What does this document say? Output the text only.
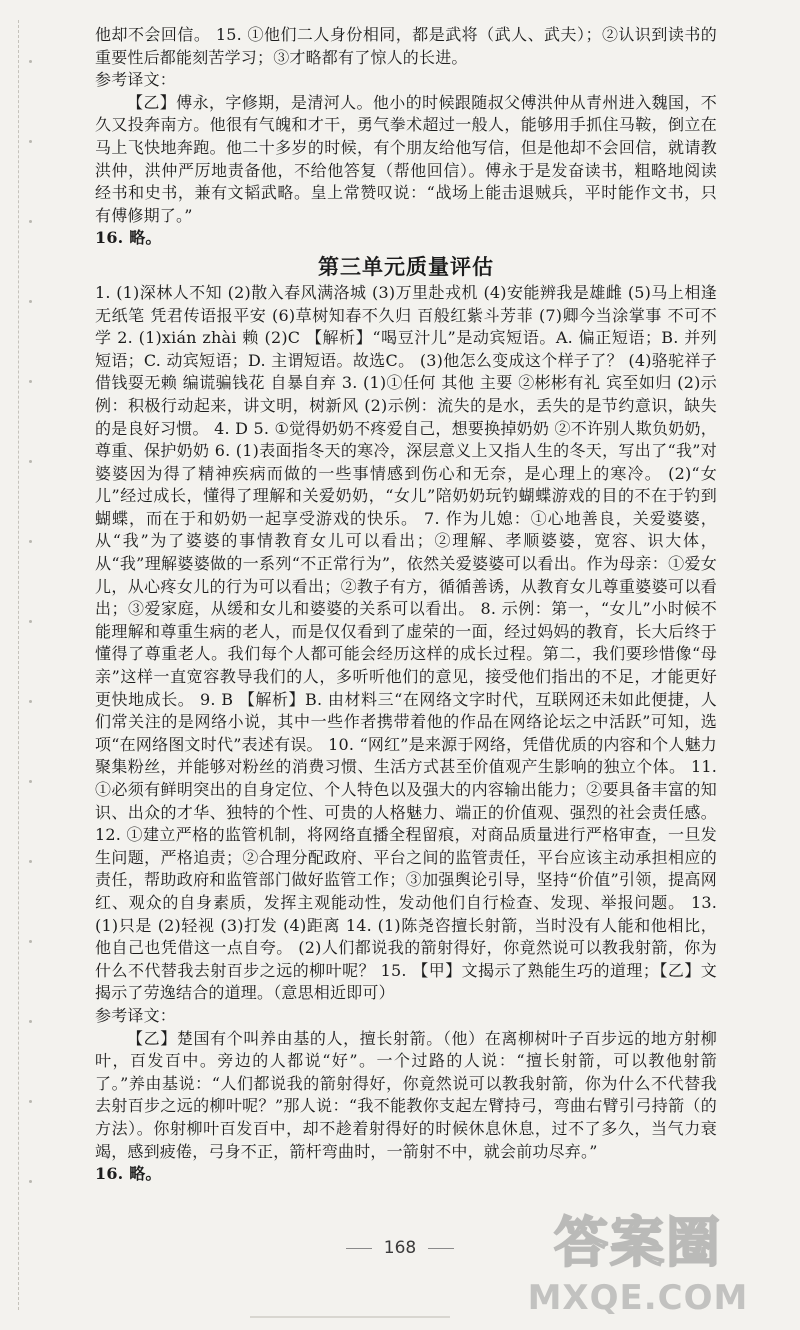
他却不会回信。 15. ①他们二人身份相同，都是武将（武人、武夫）；②认识到读书的重要性后都能刻苦学习；③才略都有了惊人的长进。

参考译文：

【乙】傅永，字修期，是清河人。他小的时候跟随叔父傅洪仲从青州进入魏国，不久又投奔南方。他很有气魄和才干，勇气拳术超过一般人，能够用手抓住马鞍，倒立在马上飞快地奔跑。他二十多岁的时候，有个朋友给他写信，但是他却不会回信，就请教洪仲，洪仲严厉地责备他，不给他答复（帮他回信）。傅永于是发奋读书，粗略地阅读经书和史书，兼有文韬武略。皇上常赞叹说：“战场上能击退贼兵，平时能作文书，只有傅修期了。”

16. 略。

第三单元质量评估

1. (1)深林人不知 (2)散入春风满洛城 (3)万里赴戎机 (4)安能辨我是雄雌 (5)马上相逢无纸笔 凭君传语报平安 (6)草树知春不久归 百般红紫斗芳菲 (7)卿今当涂掌事 不可不学 2. (1)xián zhài 赖 (2)C 【解析】“喝豆汁儿”是动宾短语。A. 偏正短语；B. 并列短语；C. 动宾短语；D. 主谓短语。故选C。 (3)他怎么变成这个样子了？ (4)骆驼祥子 借钱耍无赖 编谎骗钱花 自暴自弃 3. (1)①任何 其他 主要 ②彬彬有礼 宾至如归 (2)示例：积极行动起来，讲文明，树新风 (2)示例：流失的是水，丢失的是节约意识，缺失的是良好习惯。 4. D 5. ①觉得奶奶不疼爱自己，想要换掉奶奶 ②不许别人欺负奶奶，尊重、保护奶奶 6. (1)表面指冬天的寒冷，深层意义上又指人生的冬天，写出了“我”对婆婆因为得了精神疾病而做的一些事情感到伤心和无奈，是心理上的寒冷。 (2)“女儿”经过成长，懂得了理解和关爱奶奶，“女儿”陪奶奶玩钓蝴蝶游戏的目的不在于钓到蝴蝶，而在于和奶奶一起享受游戏的快乐。 7. 作为儿媳：①心地善良，关爱婆婆，从“我”为了婆婆的事情教育女儿可以看出；②理解、孝顺婆婆，宽容、识大体，从“我”理解婆婆做的一系列“不正常行为”，依然关爱婆婆可以看出。作为母亲：①爱女儿，从心疼女儿的行为可以看出；②教子有方，循循善诱，从教育女儿尊重婆婆可以看出；③爱家庭，从缓和女儿和婆婆的关系可以看出。 8. 示例：第一，“女儿”小时候不能理解和尊重生病的老人，而是仅仅看到了虚荣的一面，经过妈妈的教育，长大后终于懂得了尊重老人。我们每个人都可能会经历这样的成长过程。第二，我们要珍惜像“母亲”这样一直宽容教导我们的人，多听听他们的意见，接受他们指出的不足，才能更好更快地成长。 9. B 【解析】B. 由材料三“在网络文字时代，互联网还未如此便捷，人们常关注的是网络小说，其中一些作者携带着他的作品在网络论坛之中活跃”可知，选项“在网络图文时代”表述有误。 10. “网红”是来源于网络，凭借优质的内容和个人魅力聚集粉丝，并能够对粉丝的消费习惯、生活方式甚至价值观产生影响的独立个体。 11. ①必须有鲜明突出的自身定位、个人特色以及强大的内容输出能力；②要具备丰富的知识、出众的才华、独特的个性、可贵的人格魅力、端正的价值观、强烈的社会责任感。 12. ①建立严格的监管机制，将网络直播全程留痕，对商品质量进行严格审查，一旦发生问题，严格追责；②合理分配政府、平台之间的监管责任，平台应该主动承担相应的责任，帮助政府和监管部门做好监管工作；③加强舆论引导，坚持“价值”引领，提高网红、观众的自身素质，发挥主观能动性，发动他们自行检查、发现、举报问题。 13. (1)只是 (2)轻视 (3)打发 (4)距离 14. (1)陈尧咨擅长射箭，当时没有人能和他相比，他自己也凭借这一点自夸。 (2)人们都说我的箭射得好，你竟然说可以教我射箭，你为什么不代替我去射百步之远的柳叶呢？ 15. 【甲】文揭示了熟能生巧的道理；【乙】文揭示了劳逸结合的道理。（意思相近即可）

参考译文：

【乙】楚国有个叫养由基的人，擅长射箭。（他）在离柳树叶子百步远的地方射柳叶，百发百中。旁边的人都说“好”。一个过路的人说：“擅长射箭，可以教他射箭了。”养由基说：“人们都说我的箭射得好，你竟然说可以教我射箭，你为什么不代替我去射百步之远的柳叶呢？”那人说：“我不能教你支起左臂持弓，弯曲右臂引弓持箭（的方法）。你射柳叶百发百中，却不趁着射得好的时候休息休息，过不了多久，当气力衰竭，感到疲倦，弓身不正，箭杆弯曲时，一箭射不中，就会前功尽弃。”

16. 略。

168	答案圈
MXQE.COM
